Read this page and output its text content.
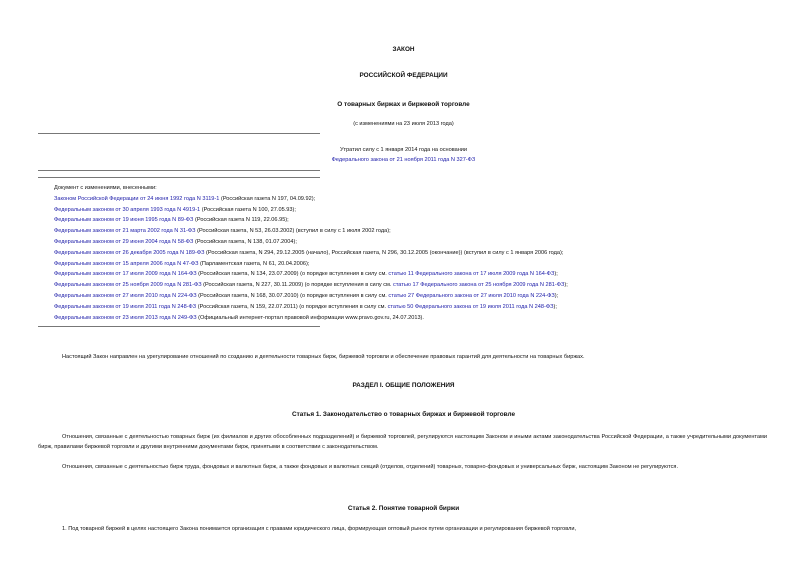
ЗАКОН
РОССИЙСКОЙ ФЕДЕРАЦИИ
О товарных биржах и биржевой торговле
(с изменениями на 23 июля 2013 года)
Утратил силу с 1 января 2014 года на основании
Федерального закона от 21 ноября 2011 года N 327-ФЗ
Документ с изменениями, внесенными:
Законом Российской Федерации от 24 июня 1992 года N 3119-1 (Российская газета N 197, 04.09.92);
Федеральным законом от 30 апреля 1993 года N 4919-1 (Российская газета N 100, 27.05.93);
Федеральным законом от 19 июня 1995 года N 89-ФЗ (Российская газета N 119, 22.06.95);
Федеральным законом от 21 марта 2002 года N 31-ФЗ (Российская газета, N 53, 26.03.2002) (вступил в силу с 1 июля 2002 года);
Федеральным законом от 29 июня 2004 года N 58-ФЗ (Российская газета, N 138, 01.07.2004);
Федеральным законом от 26 декабря 2005 года N 189-ФЗ (Российская газета, N 294, 29.12.2005 (начало), Российская газета, N 296, 30.12.2005 (окончание)) (вступил в силу с 1 января 2006 года);
Федеральным законом от 15 апреля 2006 года N 47-ФЗ (Парламентская газета, N 61, 20.04.2006);
Федеральным законом от 17 июля 2009 года N 164-ФЗ (Российская газета, N 134, 23.07.2009) (о порядке вступления в силу см. статью 11 Федерального закона от 17 июля 2009 года N 164-ФЗ);
Федеральным законом от 25 ноября 2009 года N 281-ФЗ (Российская газета, N 227, 30.11.2009) (о порядке вступления в силу см. статью 17 Федерального закона от 25 ноября 2009 года N 281-ФЗ);
Федеральным законом от 27 июля 2010 года N 224-ФЗ (Российская газета, N 168, 30.07.2010) (о порядке вступления в силу см. статью 27 Федерального закона от 27 июля 2010 года N 224-ФЗ);
Федеральным законом от 19 июля 2011 года N 248-ФЗ (Российская газета, N 159, 22.07.2011) (о порядке вступления в силу см. статью 50 Федерального закона от 19 июля 2011 года N 248-ФЗ);
Федеральным законом от 23 июля 2013 года N 249-ФЗ (Официальный интернет-портал правовой информации www.pravo.gov.ru, 24.07.2013).
Настоящий Закон направлен на урегулирование отношений по созданию и деятельности товарных бирж, биржевой торговли и обеспечение правовых гарантий для деятельности на товарных биржах.
РАЗДЕЛ I. ОБЩИЕ ПОЛОЖЕНИЯ
Статья 1. Законодательство о товарных биржах и биржевой торговле
Отношения, связанные с деятельностью товарных бирж (их филиалов и других обособленных подразделений) и биржевой торговлей, регулируются настоящим Законом и иными актами законодательства Российской Федерации, а также учредительными документами бирж, правилами биржевой торговли и другими внутренними документами бирж, принятыми в соответствии с законодательством.
Отношения, связанные с деятельностью бирж труда, фондовых и валютных бирж, а также фондовых и валютных секций (отделов, отделений) товарных, товарно-фондовых и универсальных бирж, настоящим Законом не регулируются.
Статья 2. Понятие товарной биржи
1. Под товарной биржей в целях настоящего Закона понимается организация с правами юридического лица, формирующая оптовый рынок путем организации и регулирования биржевой торговли,
